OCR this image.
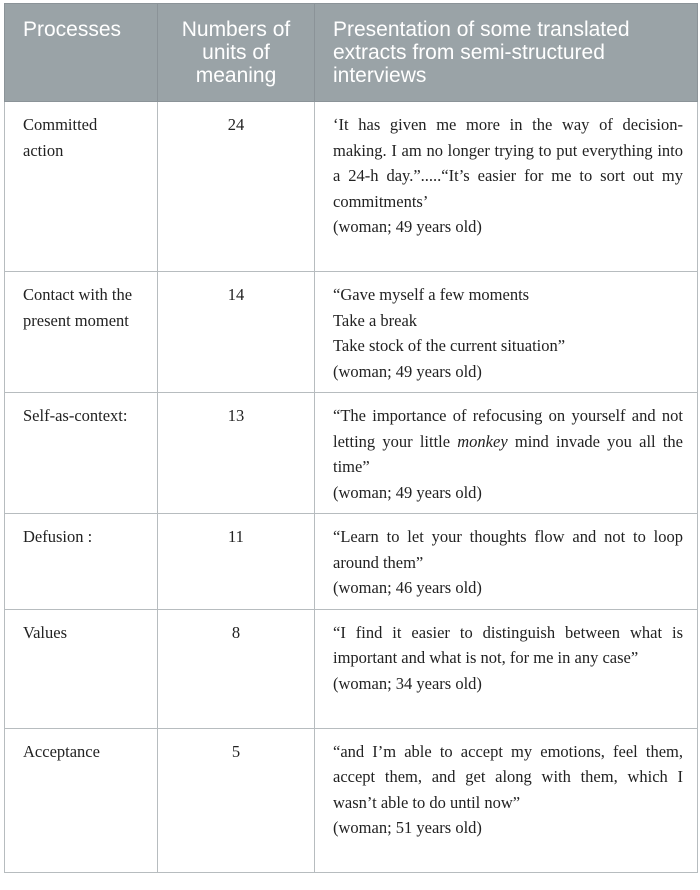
Processes	Numbers of units of meaning	Presentation of some translated extracts from semi-structured interviews
Committed action	24	‘It has given me more in the way of decision-making. I am no longer trying to put everything into a 24-h day.”.....“It’s easier for me to sort out my commitments’
(woman; 49 years old)

Contact with the present moment	14	“Gave myself a few moments
Take a break
Take stock of the current situation”
(woman; 49 years old)

Self-as-context:	13	“The importance of refocusing on yourself and not letting your little monkey mind invade you all the time”
(woman; 49 years old)

Defusion :	11	“Learn to let your thoughts flow and not to loop around them”
(woman; 46 years old)

Values	8	“I find it easier to distinguish between what is important and what is not, for me in any case”
(woman; 34 years old)

Acceptance	5	“and I’m able to accept my emotions, feel them, accept them, and get along with them, which I wasn’t able to do until now”
(woman; 51 years old)
